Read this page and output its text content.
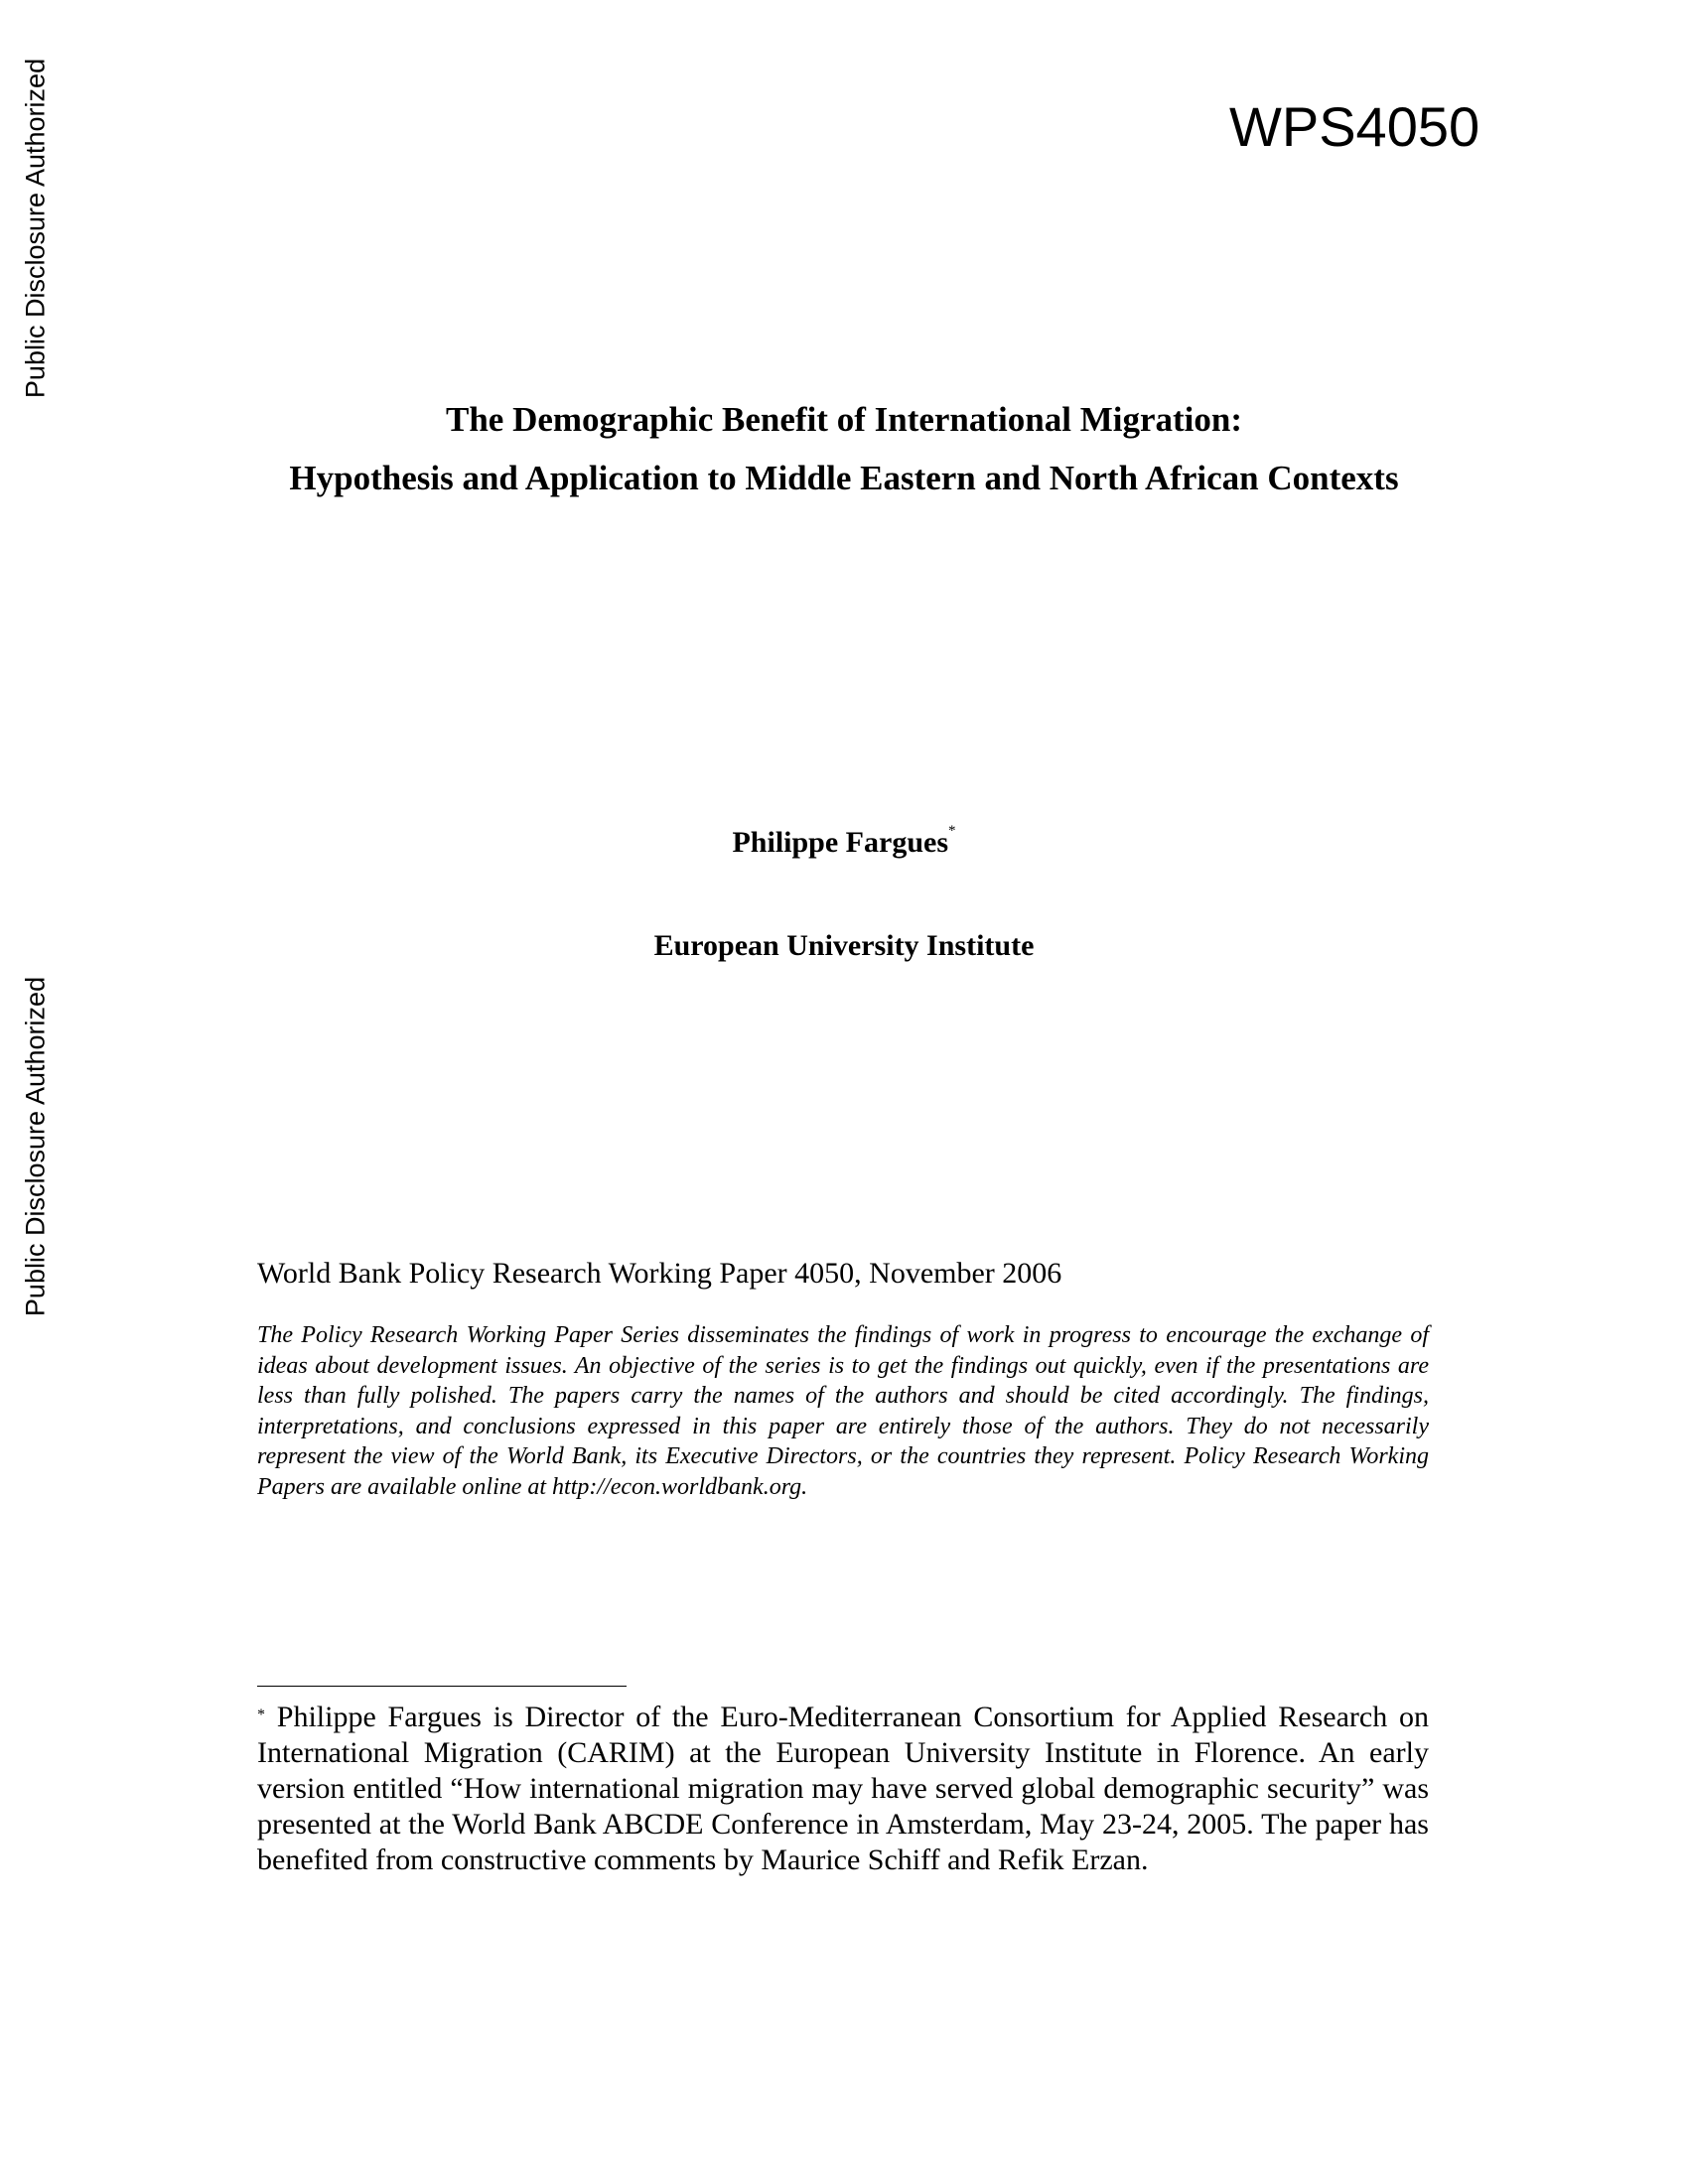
Public Disclosure Authorized
Public Disclosure Authorized
WPS4050
The Demographic Benefit of International Migration:
Hypothesis and Application to Middle Eastern and North African Contexts
Philippe Fargues*
European University Institute
World Bank Policy Research Working Paper 4050, November 2006

The Policy Research Working Paper Series disseminates the findings of work in progress to encourage the exchange of ideas about development issues. An objective of the series is to get the findings out quickly, even if the presentations are less than fully polished. The papers carry the names of the authors and should be cited accordingly. The findings, interpretations, and conclusions expressed in this paper are entirely those of the authors. They do not necessarily represent the view of the World Bank, its Executive Directors, or the countries they represent. Policy Research Working Papers are available online at http://econ.worldbank.org.

* Philippe Fargues is Director of the Euro-Mediterranean Consortium for Applied Research on International Migration (CARIM) at the European University Institute in Florence. An early version entitled “How international migration may have served global demographic security” was presented at the World Bank ABCDE Conference in Amsterdam, May 23-24, 2005. The paper has benefited from constructive comments by Maurice Schiff and Refik Erzan.
